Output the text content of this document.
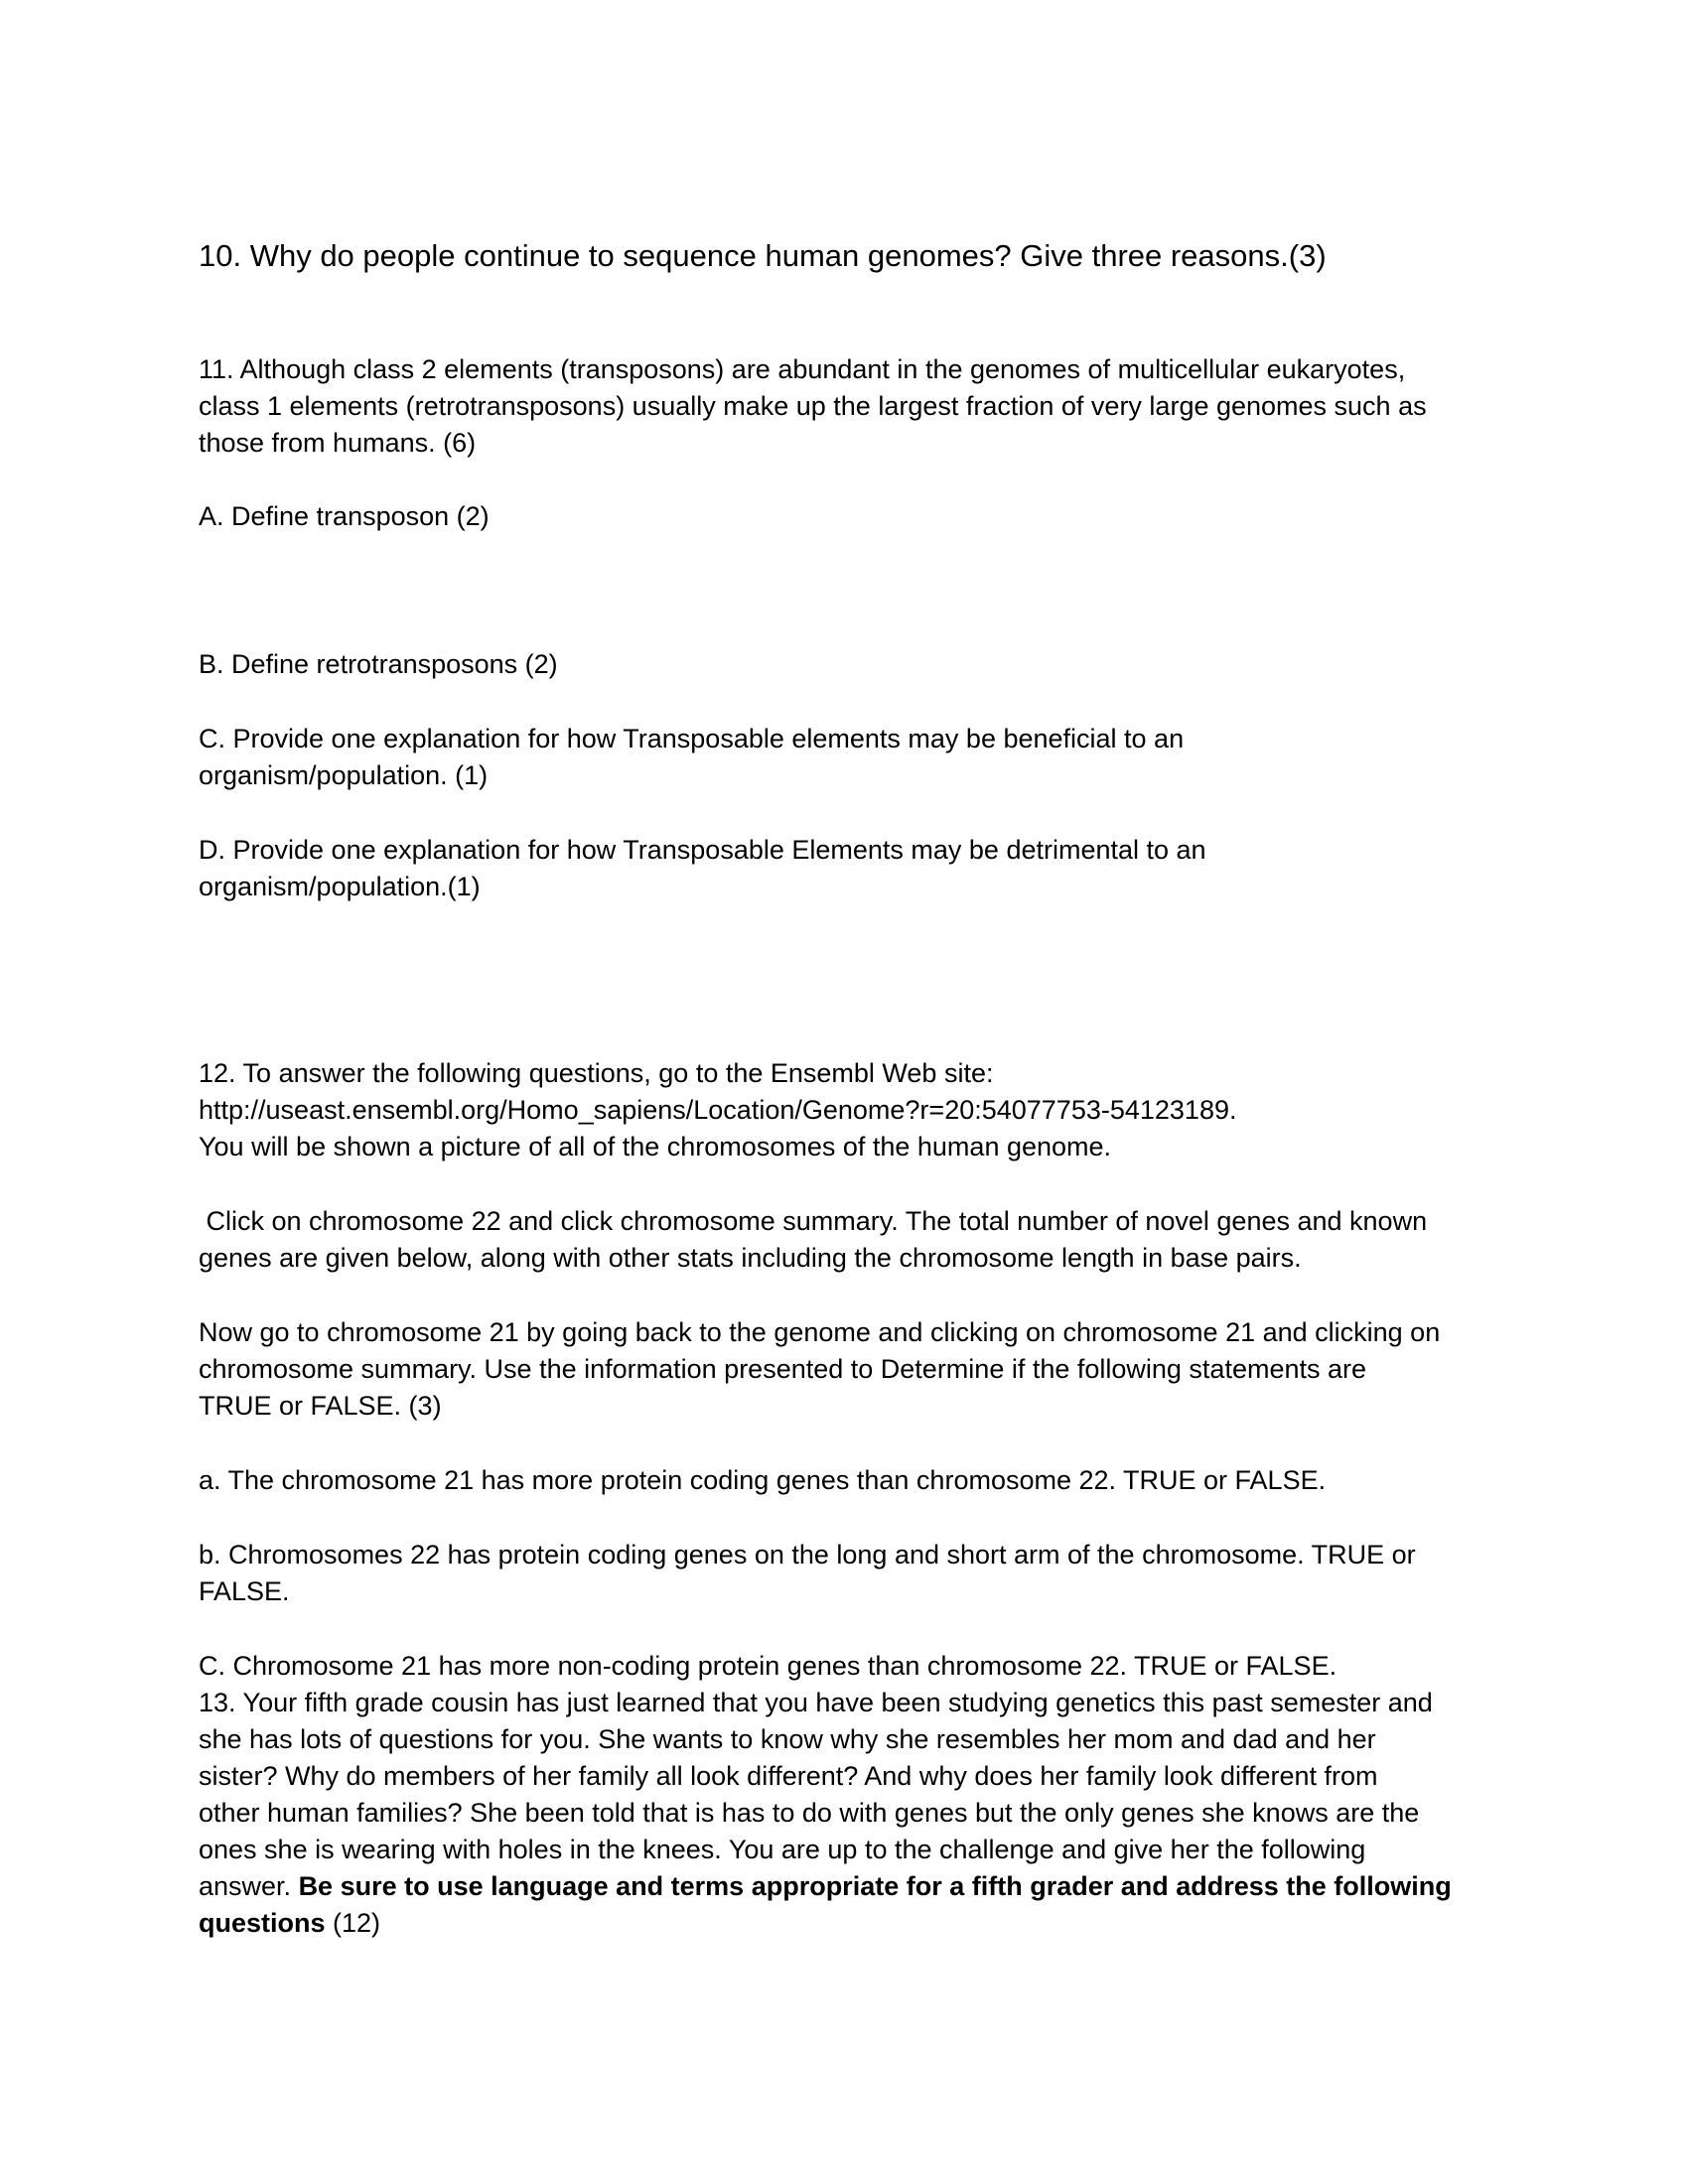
10. Why do people continue to sequence human genomes? Give three reasons.(3)
11. Although class 2 elements (transposons) are abundant in the genomes of multicellular eukaryotes,
class 1 elements (retrotransposons) usually make up the largest fraction of very large genomes such as
those from humans. (6)
A. Define transposon (2)
B. Define retrotransposons (2)
C. Provide one explanation for how Transposable elements may be beneficial to an
organism/population. (1)
D. Provide one explanation for how Transposable Elements may be detrimental to an
organism/population.(1)
12. To answer the following questions, go to the Ensembl Web site:
http://useast.ensembl.org/Homo_sapiens/Location/Genome?r=20:54077753-54123189.
You will be shown a picture of all of the chromosomes of the human genome.
Click on chromosome 22 and click chromosome summary. The total number of novel genes and known
genes are given below, along with other stats including the chromosome length in base pairs.
Now go to chromosome 21 by going back to the genome and clicking on chromosome 21 and clicking on
chromosome summary. Use the information presented to Determine if the following statements are
TRUE or FALSE. (3)
a. The chromosome 21 has more protein coding genes than chromosome 22. TRUE or FALSE.
b. Chromosomes 22 has protein coding genes on the long and short arm of the chromosome. TRUE or
FALSE.
C. Chromosome 21 has more non-coding protein genes than chromosome 22. TRUE or FALSE.
13. Your fifth grade cousin has just learned that you have been studying genetics this past semester and
she has lots of questions for you. She wants to know why she resembles her mom and dad and her
sister? Why do members of her family all look different? And why does her family look different from
other human families? She been told that is has to do with genes but the only genes she knows are the
ones she is wearing with holes in the knees. You are up to the challenge and give her the following
answer. Be sure to use language and terms appropriate for a fifth grader and address the following
questions (12)
